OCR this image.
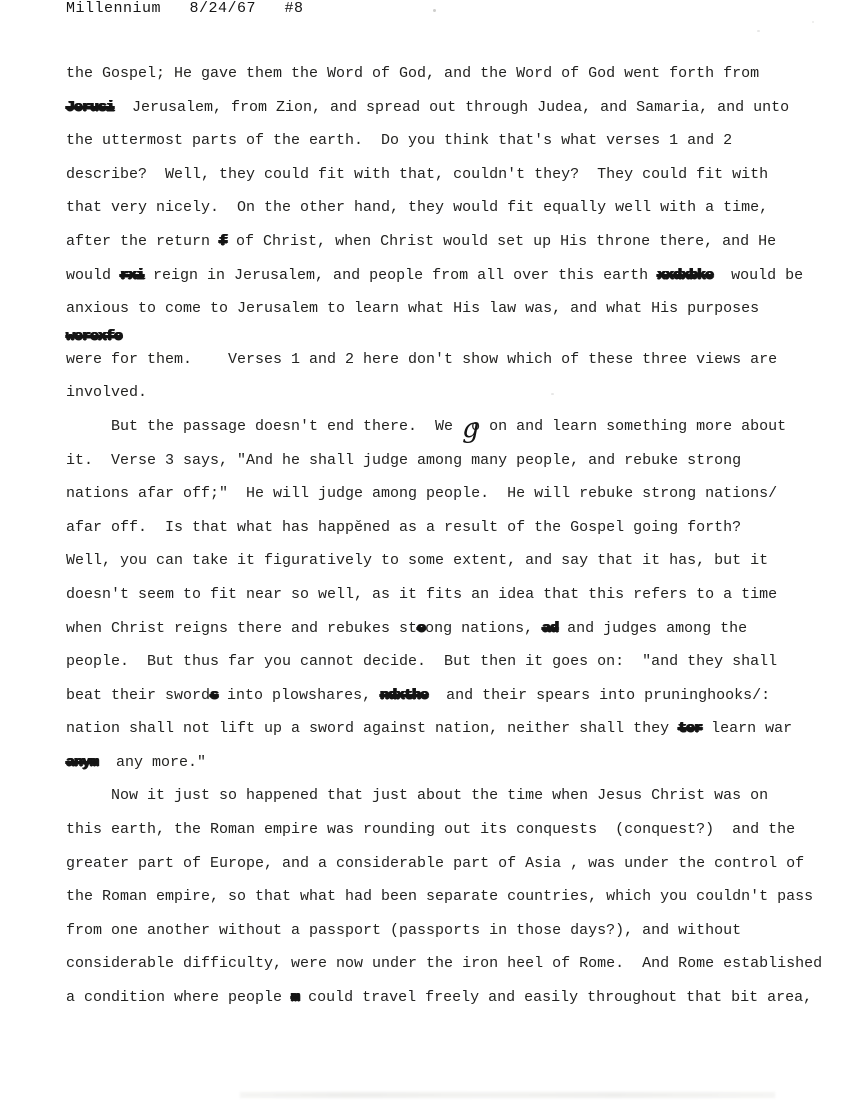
Millennium   8/24/67   #8
the Gospel; He gave them the Word of God, and the Word of God went forth from
Jerusi  Jerusalem, from Zion, and spread out through Judea, and Samaria, and unto
the uttermost parts of the earth.  Do you think that's what verses 1 and 2
describe?  Well, they could fit with that, couldn't they?  They could fit with
that very nicely.  On the other hand, they would fit equally well with a time,
after the return f of Christ, when Christ would set up His throne there, and He
would rxi reign in Jerusalem, and people from all over this earth xxdxbke  would be
anxious to come to Jerusalem to learn what His law was, and what His purposes
werexfo
were for them.    Verses 1 and 2 here don't show which of these three views are
involved.
But the passage doesn't end there.  We go on and learn something more about
it.  Verse 3 says, "And he shall judge among many people, and rebuke strong
nations afar off;"  He will judge among people.  He will rebuke strong nations/
afar off.  Is that what has happĕned as a result of the Gospel going forth?
Well, you can take it figuratively to some extent, and say that it has, but it
doesn't seem to fit near so well, as it fits an idea that this refers to a time
when Christ reigns there and rebukes stoong nations, ad and judges among the
people.  But thus far you cannot decide.  But then it goes on:  "and they shall
beat their swords into plowshares, ndxthe  and their spears into pruninghooks/:
nation shall not lift up a sword against nation, neither shall they ter learn war
anym  any more."
Now it just so happened that just about the time when Jesus Christ was on
this earth, the Roman empire was rounding out its conquests  (conquest?)  and the
greater part of Europe, and a considerable part of Asia , was under the control of
the Roman empire, so that what had been separate countries, which you couldn't pass
from one another without a passport (passports in those days?), and without
considerable difficulty, were now under the iron heel of Rome.  And Rome established
a condition where people m could travel freely and easily throughout that bit area,
